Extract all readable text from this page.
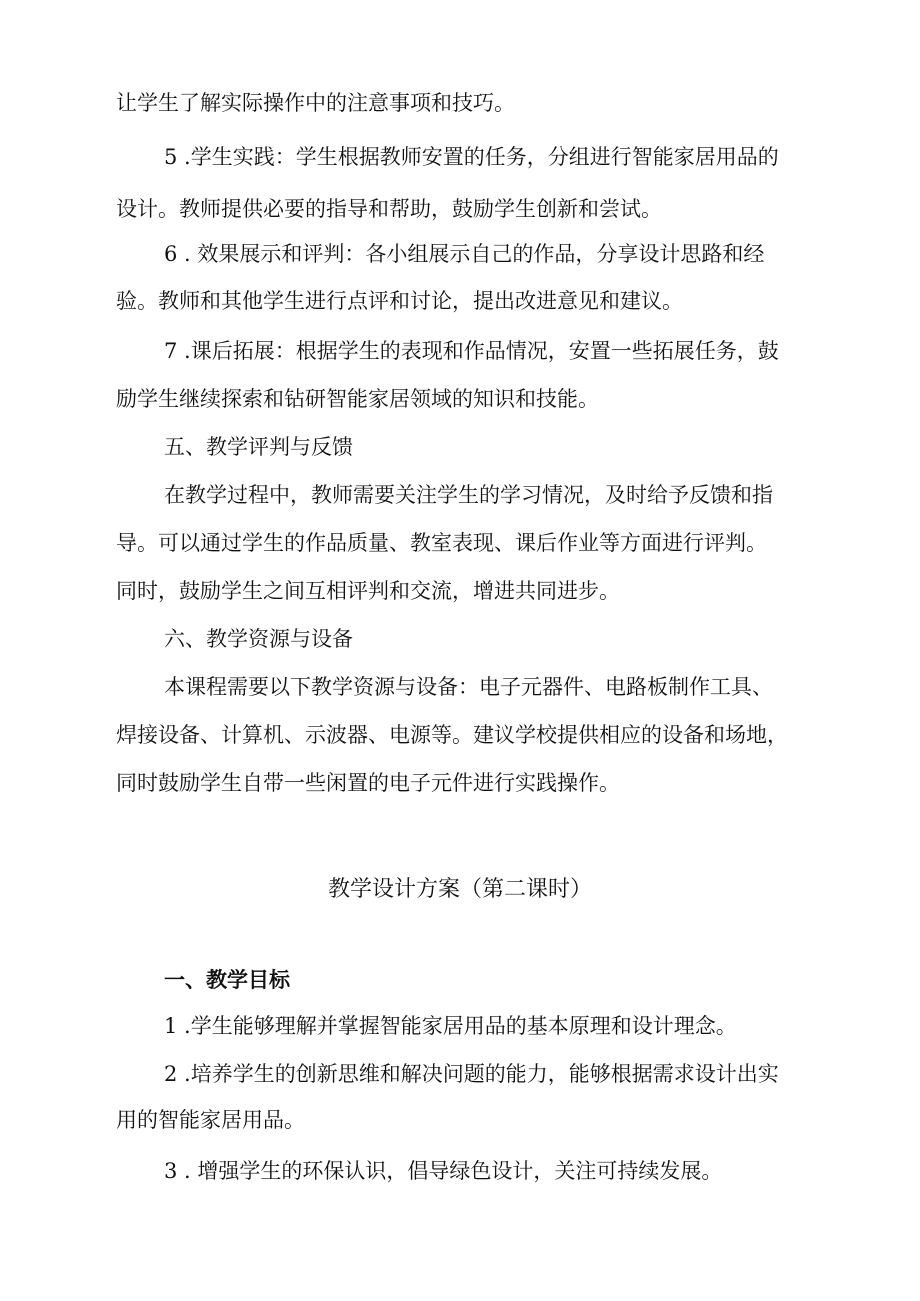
让学生了解实际操作中的注意事项和技巧。
5 .学生实践：学生根据教师安置的任务，分组进行智能家居用品的
设计。教师提供必要的指导和帮助，鼓励学生创新和尝试。
6 . 效果展示和评判：各小组展示自己的作品，分享设计思路和经
验。教师和其他学生进行点评和讨论，提出改进意见和建议。
7 .课后拓展：根据学生的表现和作品情况，安置一些拓展任务，鼓
励学生继续探索和钻研智能家居领域的知识和技能。
五、教学评判与反馈
在教学过程中，教师需要关注学生的学习情况，及时给予反馈和指
导。可以通过学生的作品质量、教室表现、课后作业等方面进行评判。
同时，鼓励学生之间互相评判和交流，增进共同进步。
六、教学资源与设备
本课程需要以下教学资源与设备：电子元器件、电路板制作工具、
焊接设备、计算机、示波器、电源等。建议学校提供相应的设备和场地，
同时鼓励学生自带一些闲置的电子元件进行实践操作。
教学设计方案（第二课时）
一、教学目标
1 .学生能够理解并掌握智能家居用品的基本原理和设计理念。
2 .培养学生的创新思维和解决问题的能力，能够根据需求设计出实
用的智能家居用品。
3 . 增强学生的环保认识，倡导绿色设计，关注可持续发展。
